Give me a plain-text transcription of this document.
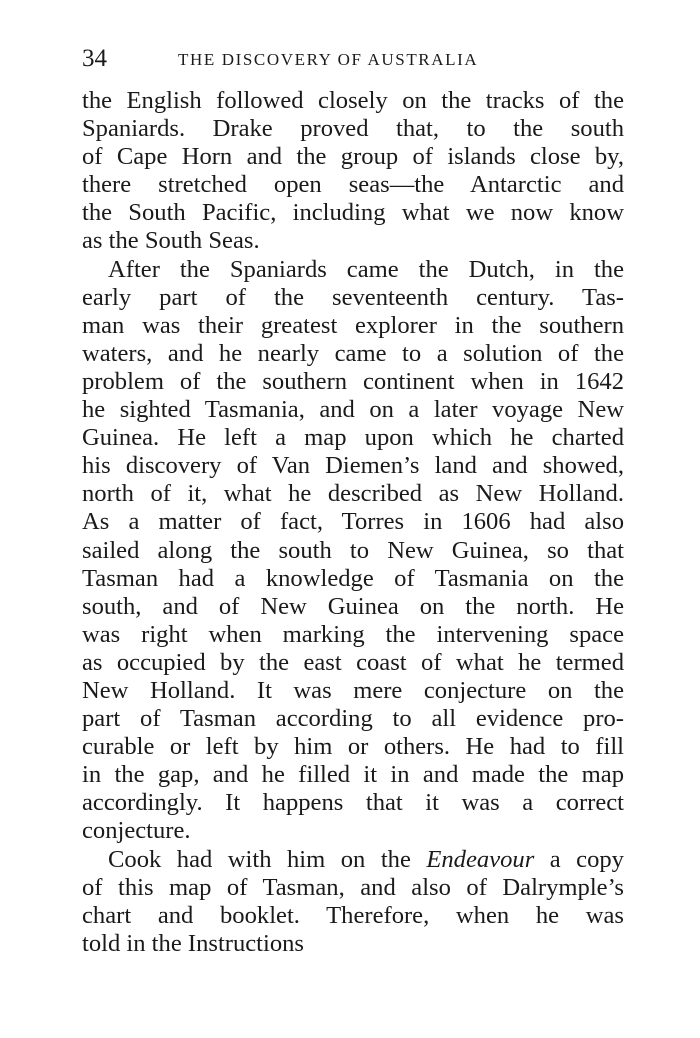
34	THE DISCOVERY OF AUSTRALIA
the English followed closely on the tracks of the
Spaniards. Drake proved that, to the south
of Cape Horn and the group of islands close by,
there stretched open seas—the Antarctic and
the South Pacific, including what we now know
as the South Seas.
After the Spaniards came the Dutch, in the
early part of the seventeenth century. Tas-
man was their greatest explorer in the southern
waters, and he nearly came to a solution of the
problem of the southern continent when in 1642
he sighted Tasmania, and on a later voyage New
Guinea. He left a map upon which he charted
his discovery of Van Diemen’s land and showed,
north of it, what he described as New Holland.
As a matter of fact, Torres in 1606 had also
sailed along the south to New Guinea, so that
Tasman had a knowledge of Tasmania on the
south, and of New Guinea on the north. He
was right when marking the intervening space
as occupied by the east coast of what he termed
New Holland. It was mere conjecture on the
part of Tasman according to all evidence pro-
curable or left by him or others. He had to fill
in the gap, and he filled it in and made the map
accordingly. It happens that it was a correct
conjecture.
Cook had with him on the Endeavour a copy
of this map of Tasman, and also of Dalrymple’s
chart and booklet. Therefore, when he was
told in the Instructions
